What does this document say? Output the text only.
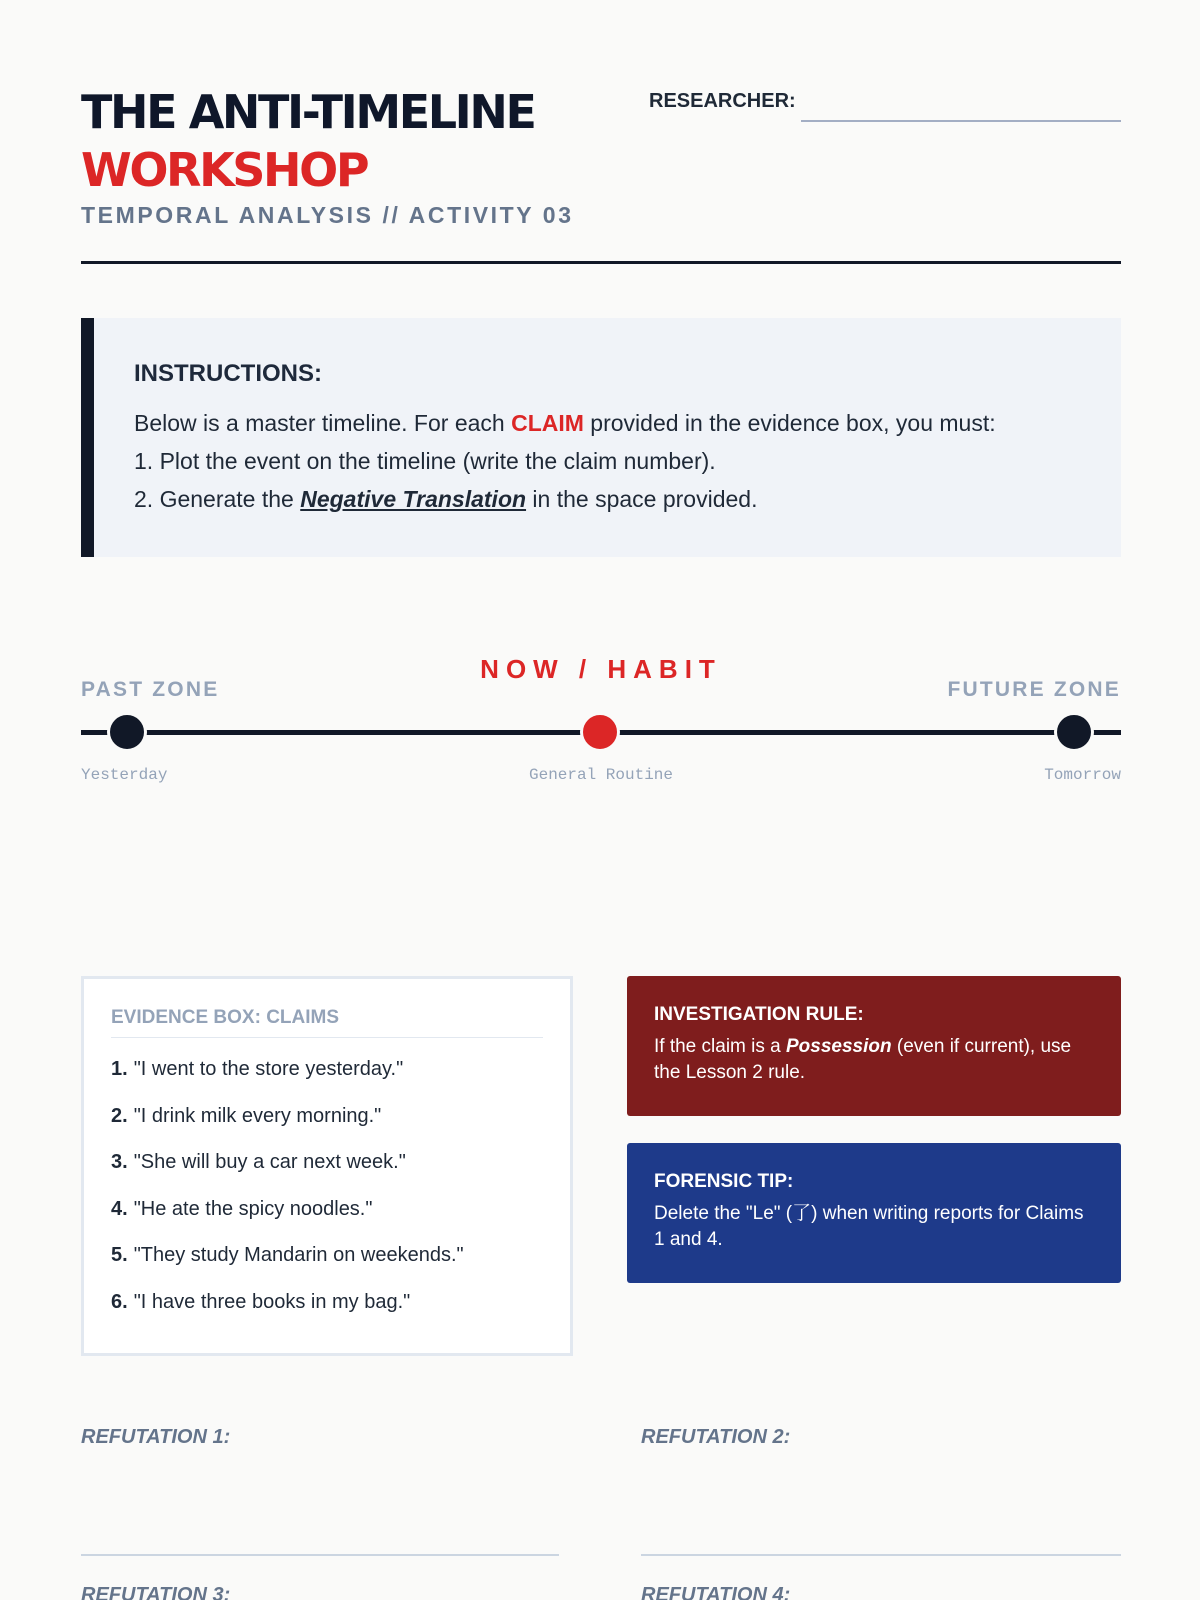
THE ANTI-TIMELINE
WORKSHOP
TEMPORAL ANALYSIS // ACTIVITY 03
RESEARCHER:
INSTRUCTIONS:
Below is a master timeline. For each CLAIM provided in the evidence box, you must:
1. Plot the event on the timeline (write the claim number).
2. Generate the Negative Translation in the space provided.
PAST ZONE
NOW / HABIT
FUTURE ZONE
Yesterday	General Routine	Tomorrow
EVIDENCE BOX: CLAIMS
1. "I went to the store yesterday."
2. "I drink milk every morning."
3. "She will buy a car next week."
4. "He ate the spicy noodles."
5. "They study Mandarin on weekends."
6. "I have three books in my bag."
INVESTIGATION RULE:
If the claim is a Possession (even if current), use the Lesson 2 rule.
FORENSIC TIP:
Delete the "Le" (了) when writing reports for Claims 1 and 4.
REFUTATION 1:	REFUTATION 2:
REFUTATION 3:	REFUTATION 4:
